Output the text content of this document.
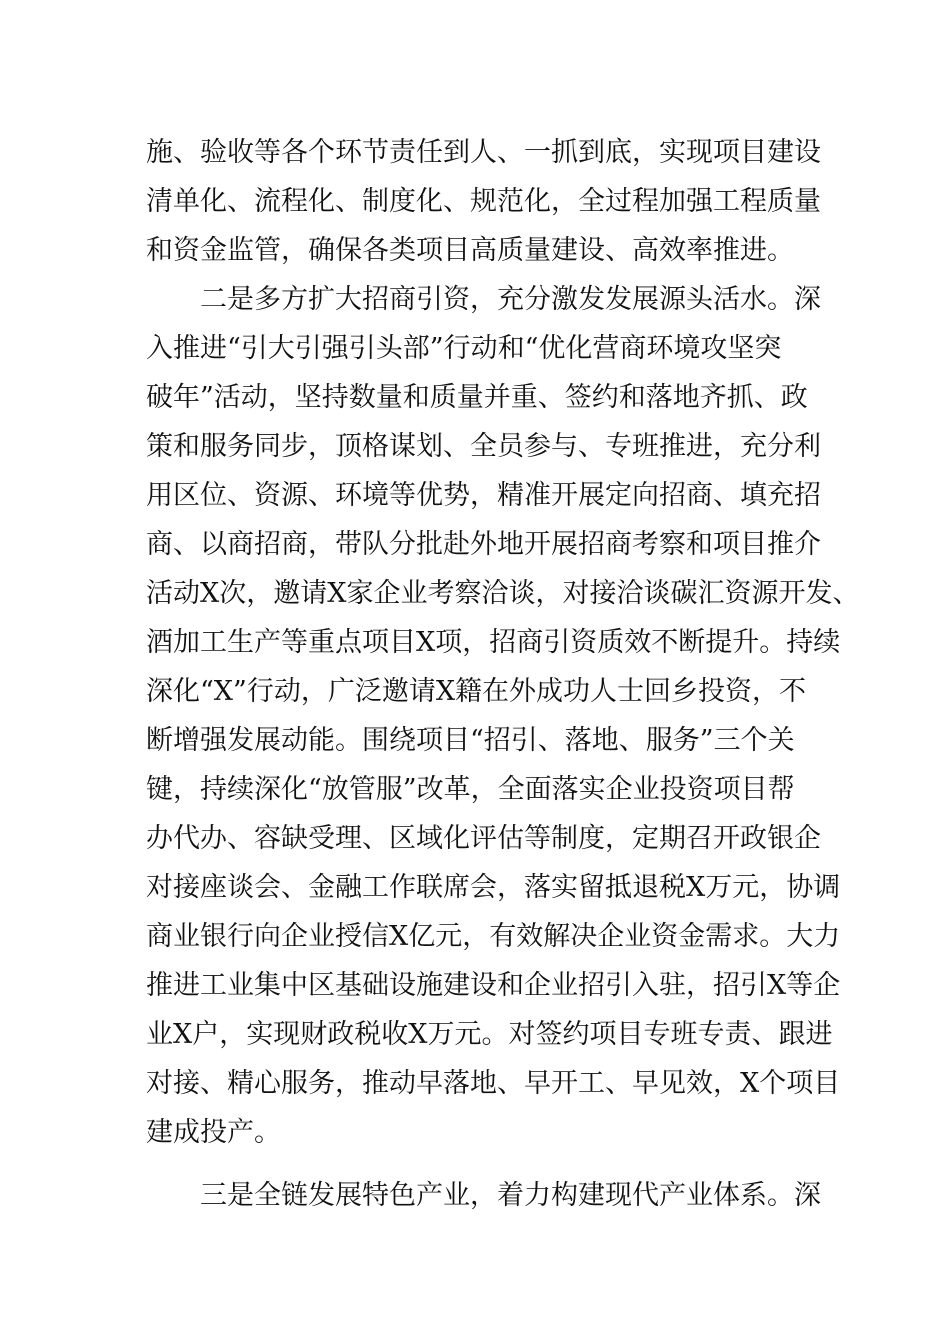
施、验收等各个环节责任到人、一抓到底，实现项目建设
清单化、流程化、制度化、规范化，全过程加强工程质量
和资金监管，确保各类项目高质量建设、高效率推进。
二是多方扩大招商引资，充分激发发展源头活水。深
入推进“引大引强引头部”行动和“优化营商环境攻坚突
破年”活动，坚持数量和质量并重、签约和落地齐抓、政
策和服务同步，顶格谋划、全员参与、专班推进，充分利
用区位、资源、环境等优势，精准开展定向招商、填充招
商、以商招商，带队分批赴外地开展招商考察和项目推介
活动X次，邀请X家企业考察洽谈，对接洽谈碳汇资源开发、
酒加工生产等重点项目X项，招商引资质效不断提升。持续
深化“X”行动，广泛邀请X籍在外成功人士回乡投资，不
断增强发展动能。围绕项目“招引、落地、服务”三个关
键，持续深化“放管服”改革，全面落实企业投资项目帮
办代办、容缺受理、区域化评估等制度，定期召开政银企
对接座谈会、金融工作联席会，落实留抵退税X万元，协调
商业银行向企业授信X亿元，有效解决企业资金需求。大力
推进工业集中区基础设施建设和企业招引入驻，招引X等企
业X户，实现财政税收X万元。对签约项目专班专责、跟进
对接、精心服务，推动早落地、早开工、早见效，X个项目
建成投产。
三是全链发展特色产业，着力构建现代产业体系。深
